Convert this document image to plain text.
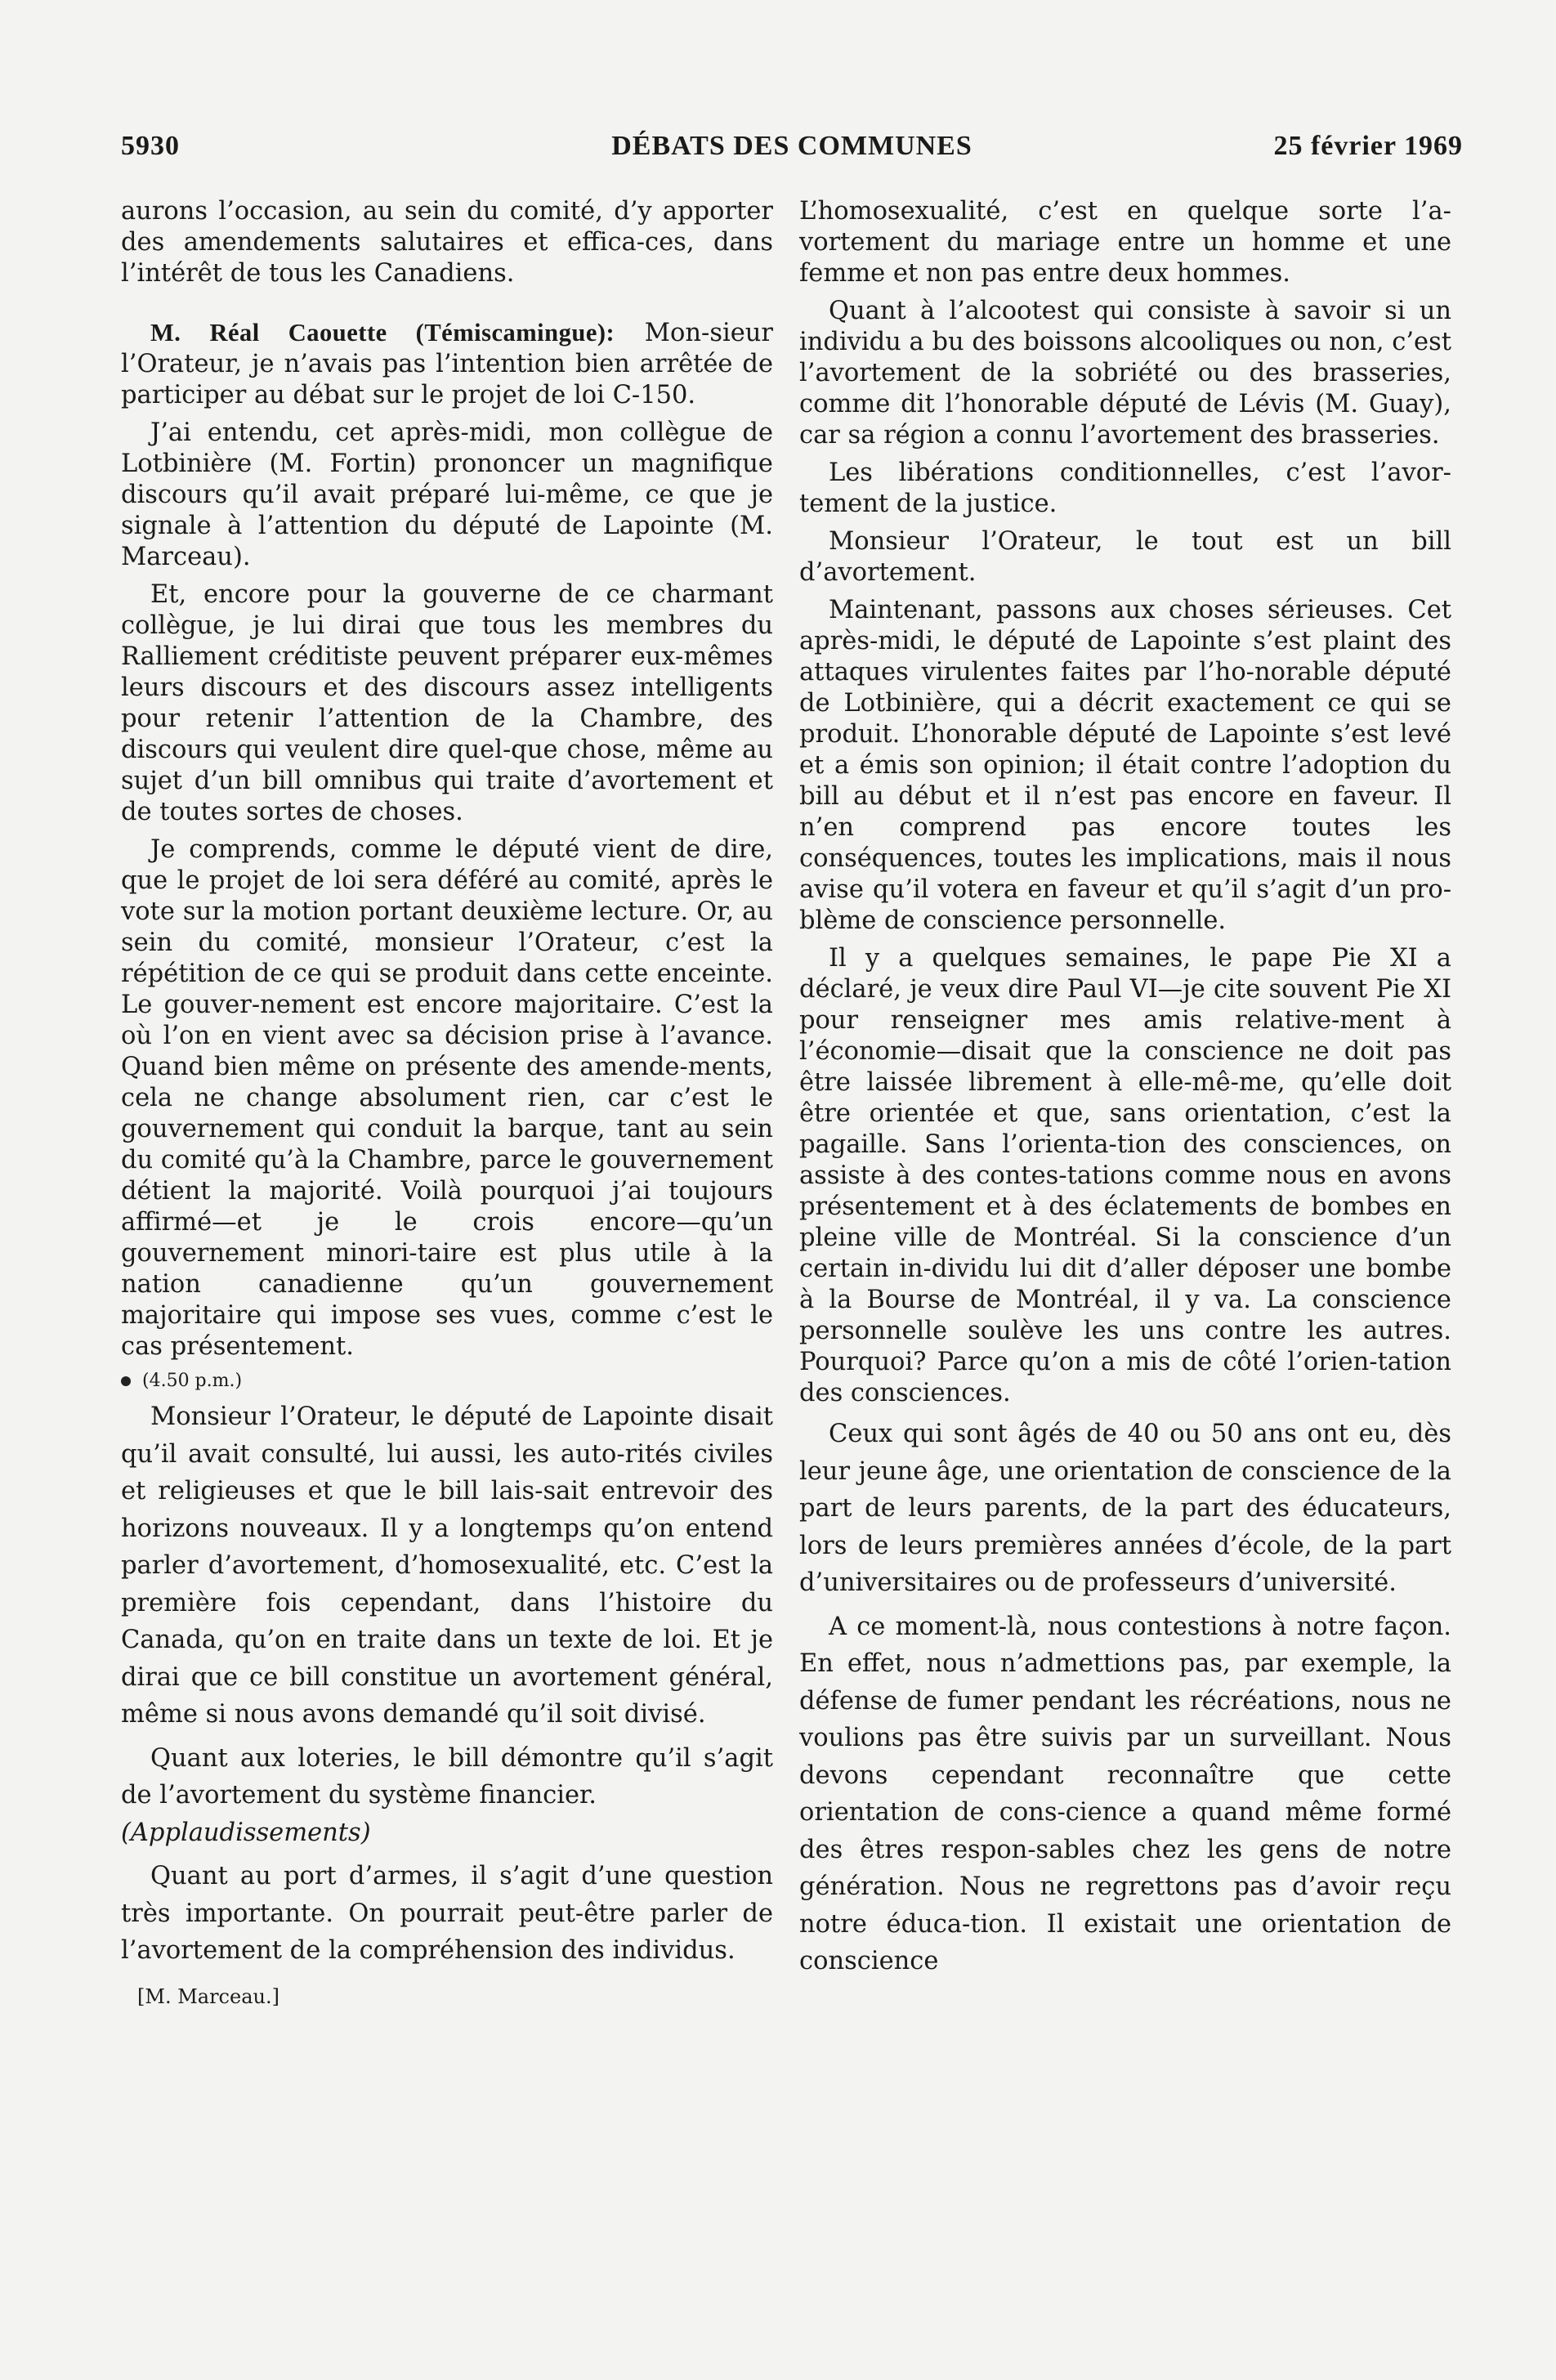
5930	DÉBATS DES COMMUNES	25 février 1969

aurons l’occasion, au sein du comité, d’y apporter des amendements salutaires et effica-ces, dans l’intérêt de tous les Canadiens.

M. Réal Caouette (Témiscamingue): Mon-sieur l’Orateur, je n’avais pas l’intention bien arrêtée de participer au débat sur le projet de loi C-150.

J’ai entendu, cet après-midi, mon collègue de Lotbinière (M. Fortin) prononcer un magnifique discours qu’il avait préparé lui-même, ce que je signale à l’attention du député de Lapointe (M. Marceau).

Et, encore pour la gouverne de ce charmant collègue, je lui dirai que tous les membres du Ralliement créditiste peuvent préparer eux-mêmes leurs discours et des discours assez intelligents pour retenir l’attention de la Chambre, des discours qui veulent dire quel-que chose, même au sujet d’un bill omnibus qui traite d’avortement et de toutes sortes de choses.

Je comprends, comme le député vient de dire, que le projet de loi sera déféré au comité, après le vote sur la motion portant deuxième lecture. Or, au sein du comité, monsieur l’Orateur, c’est la répétition de ce qui se produit dans cette enceinte. Le gouver-nement est encore majoritaire. C’est la où l’on en vient avec sa décision prise à l’avance. Quand bien même on présente des amende-ments, cela ne change absolument rien, car c’est le gouvernement qui conduit la barque, tant au sein du comité qu’à la Chambre, parce le gouvernement détient la majorité. Voilà pourquoi j’ai toujours affirmé—et je le crois encore—qu’un gouvernement minori-taire est plus utile à la nation canadienne qu’un gouvernement majoritaire qui impose ses vues, comme c’est le cas présentement.

(4.50 p.m.)

Monsieur l’Orateur, le député de Lapointe disait qu’il avait consulté, lui aussi, les auto-rités civiles et religieuses et que le bill lais-sait entrevoir des horizons nouveaux. Il y a longtemps qu’on entend parler d’avortement, d’homosexualité, etc. C’est la première fois cependant, dans l’histoire du Canada, qu’on en traite dans un texte de loi. Et je dirai que ce bill constitue un avortement général, même si nous avons demandé qu’il soit divisé.

Quant aux loteries, le bill démontre qu’il s’agit de l’avortement du système financier.
(Applaudissements)

Quant au port d’armes, il s’agit d’une question très importante. On pourrait peut-être parler de l’avortement de la compréhension des individus.

[M. Marceau.]

L’homosexualité, c’est en quelque sorte l’a-vortement du mariage entre un homme et une femme et non pas entre deux hommes.

Quant à l’alcootest qui consiste à savoir si un individu a bu des boissons alcooliques ou non, c’est l’avortement de la sobriété ou des brasseries, comme dit l’honorable député de Lévis (M. Guay), car sa région a connu l’avortement des brasseries.

Les libérations conditionnelles, c’est l’avor-tement de la justice.

Monsieur l’Orateur, le tout est un bill d’avortement.

Maintenant, passons aux choses sérieuses. Cet après-midi, le député de Lapointe s’est plaint des attaques virulentes faites par l’ho-norable député de Lotbinière, qui a décrit exactement ce qui se produit. L’honorable député de Lapointe s’est levé et a émis son opinion; il était contre l’adoption du bill au début et il n’est pas encore en faveur. Il n’en comprend pas encore toutes les conséquences, toutes les implications, mais il nous avise qu’il votera en faveur et qu’il s’agit d’un pro-blème de conscience personnelle.

Il y a quelques semaines, le pape Pie XI a déclaré, je veux dire Paul VI—je cite souvent Pie XI pour renseigner mes amis relative-ment à l’économie—disait que la conscience ne doit pas être laissée librement à elle-mê-me, qu’elle doit être orientée et que, sans orientation, c’est la pagaille. Sans l’orienta-tion des consciences, on assiste à des contes-tations comme nous en avons présentement et à des éclatements de bombes en pleine ville de Montréal. Si la conscience d’un certain in-dividu lui dit d’aller déposer une bombe à la Bourse de Montréal, il y va. La conscience personnelle soulève les uns contre les autres. Pourquoi? Parce qu’on a mis de côté l’orien-tation des consciences.

Ceux qui sont âgés de 40 ou 50 ans ont eu, dès leur jeune âge, une orientation de conscience de la part de leurs parents, de la part des éducateurs, lors de leurs premières années d’école, de la part d’universitaires ou de professeurs d’université.

A ce moment-là, nous contestions à notre façon. En effet, nous n’admettions pas, par exemple, la défense de fumer pendant les récréations, nous ne voulions pas être suivis par un surveillant. Nous devons cependant reconnaître que cette orientation de cons-cience a quand même formé des êtres respon-sables chez les gens de notre génération. Nous ne regrettons pas d’avoir reçu notre éduca-tion. Il existait une orientation de conscience
